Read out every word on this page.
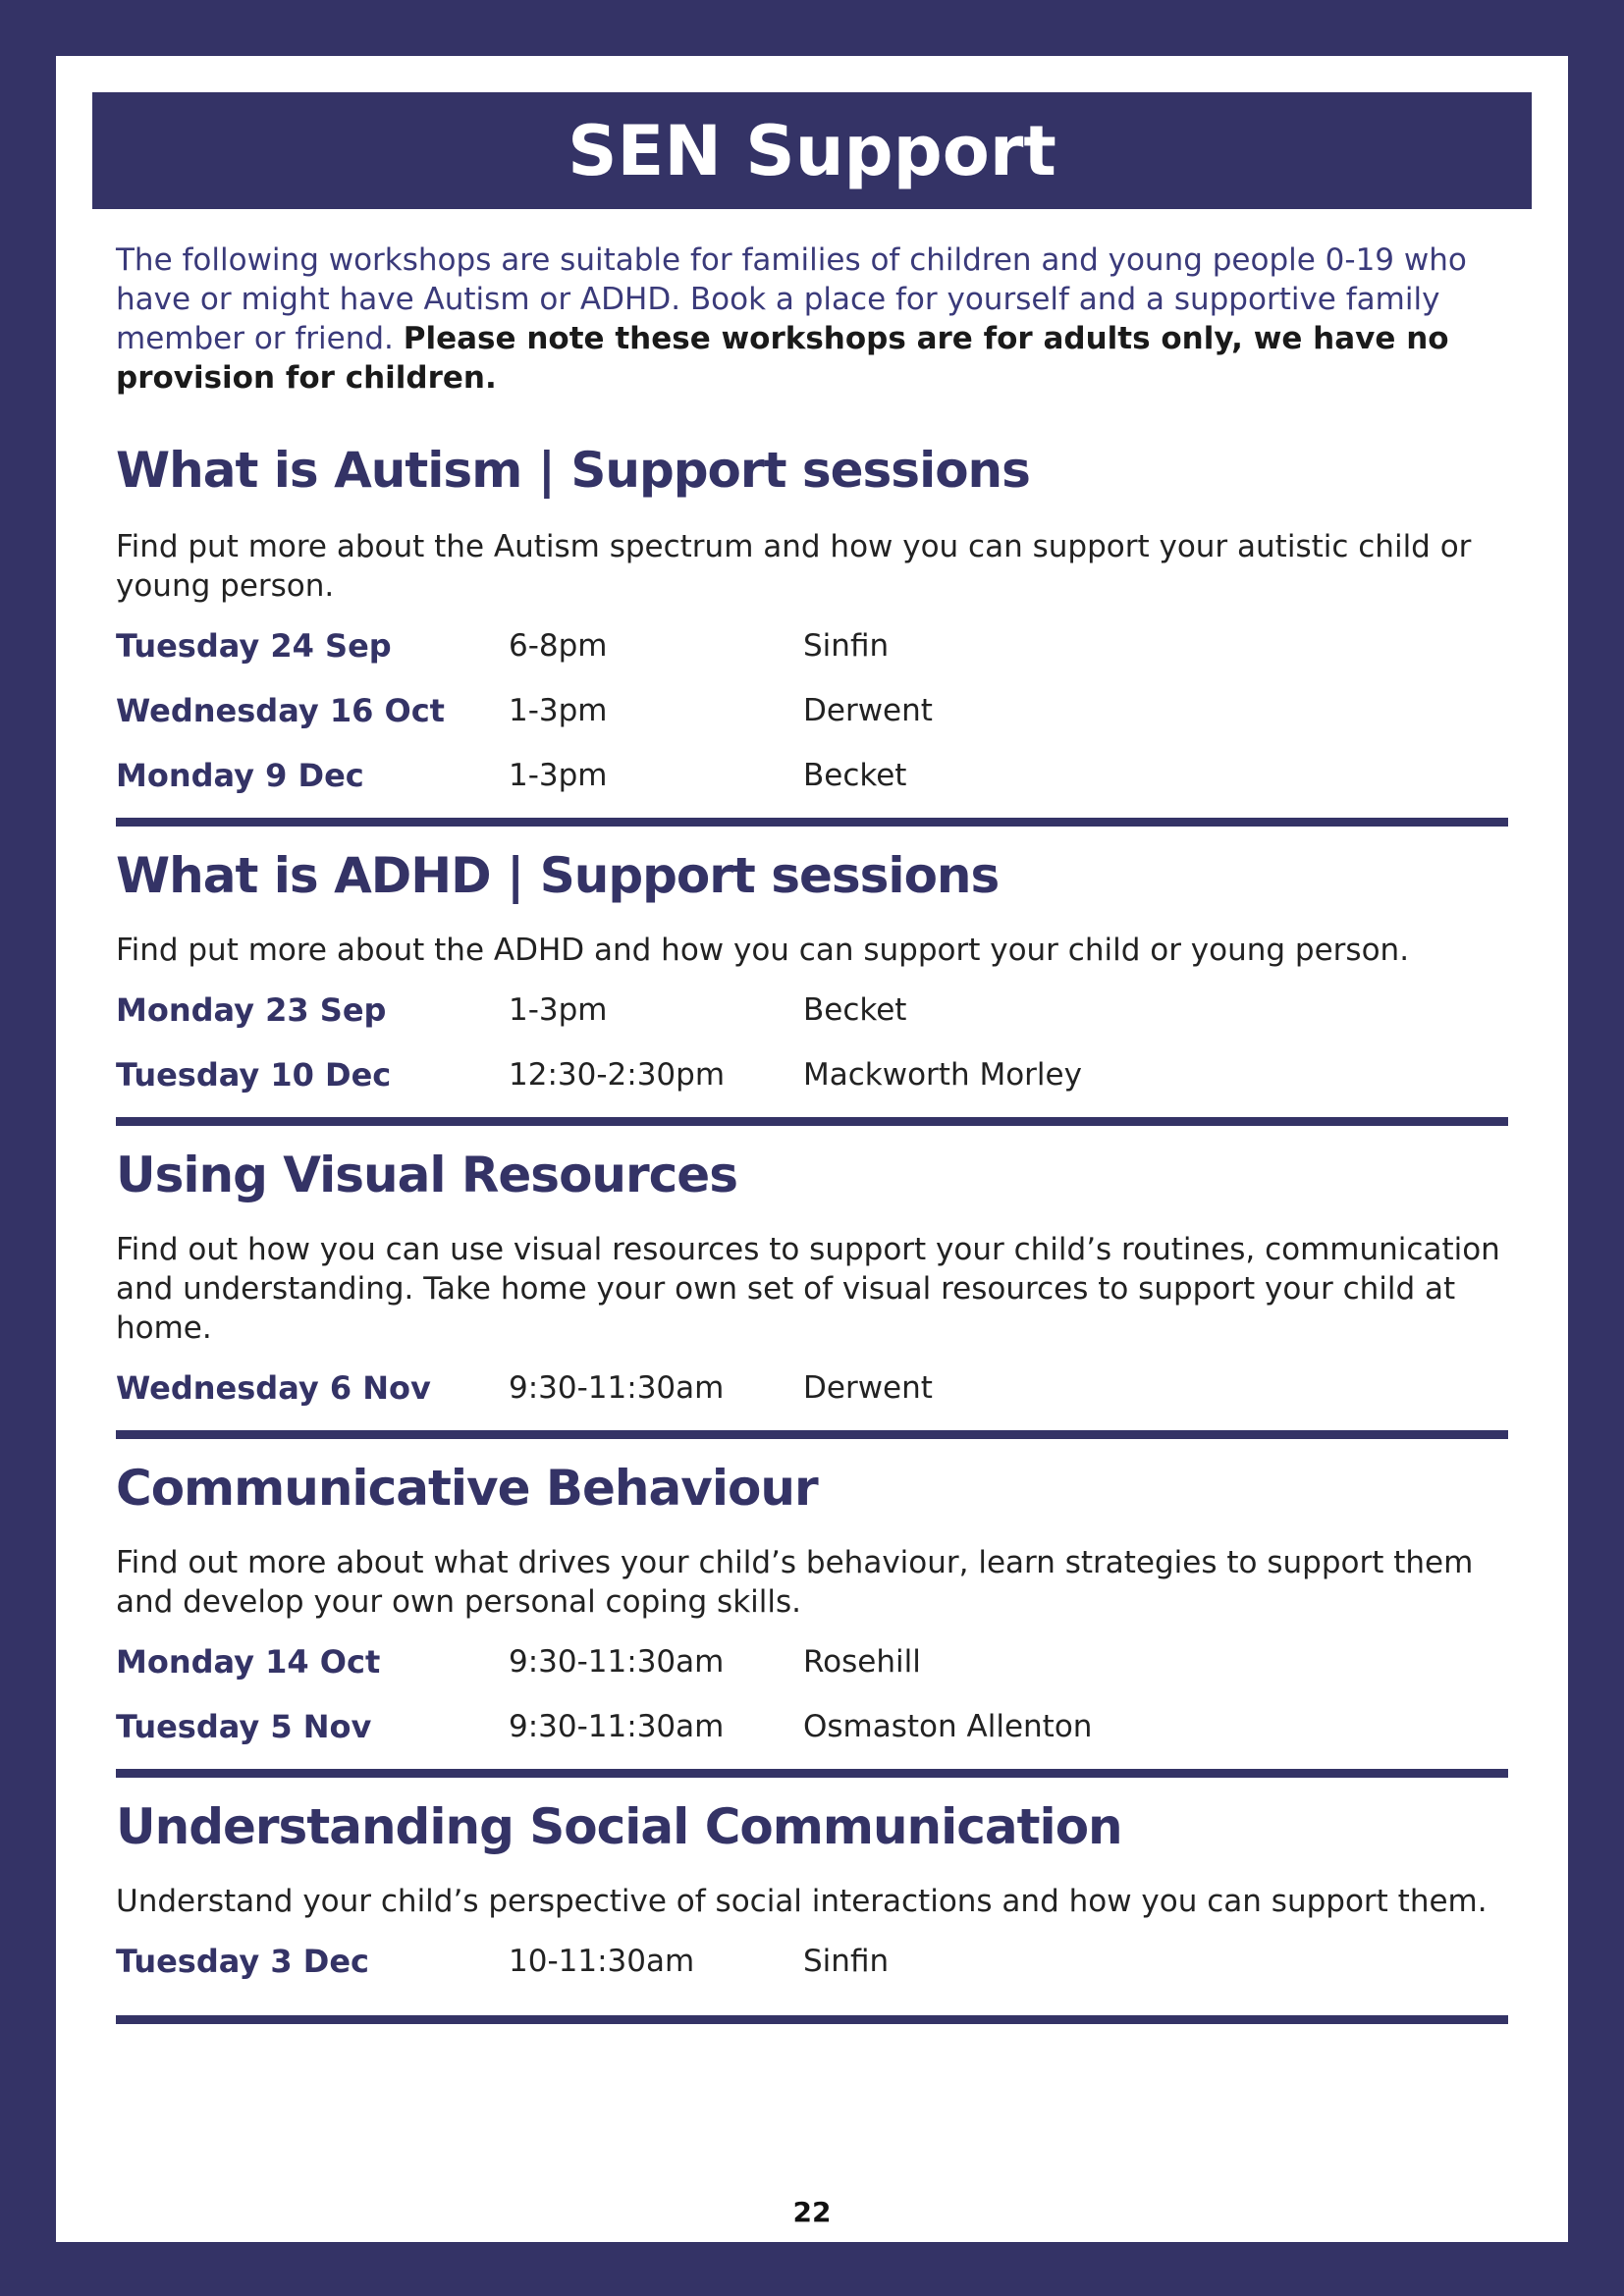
SEN Support

The following workshops are suitable for families of children and young people 0-19 who have or might have Autism or ADHD. Book a place for yourself and a supportive family member or friend. Please note these workshops are for adults only, we have no provision for children.

What is Autism | Support sessions

Find put more about the Autism spectrum and how you can support your autistic child or young person.

Tuesday 24 Sep	6-8pm	Sinfin
Wednesday 16 Oct	1-3pm	Derwent
Monday 9 Dec	1-3pm	Becket
What is ADHD | Support sessions

Find put more about the ADHD and how you can support your child or young person.

Monday 23 Sep	1-3pm	Becket
Tuesday 10 Dec	12:30-2:30pm	Mackworth Morley
Using Visual Resources

Find out how you can use visual resources to support your child’s routines, communication and understanding. Take home your own set of visual resources to support your child at home.

Wednesday 6 Nov	9:30-11:30am	Derwent
Communicative Behaviour

Find out more about what drives your child’s behaviour, learn strategies to support them and develop your own personal coping skills.

Monday 14 Oct	9:30-11:30am	Rosehill
Tuesday 5 Nov	9:30-11:30am	Osmaston Allenton
Understanding Social Communication

Understand your child’s perspective of social interactions and how you can support them.

Tuesday 3 Dec	10-11:30am	Sinfin
22
